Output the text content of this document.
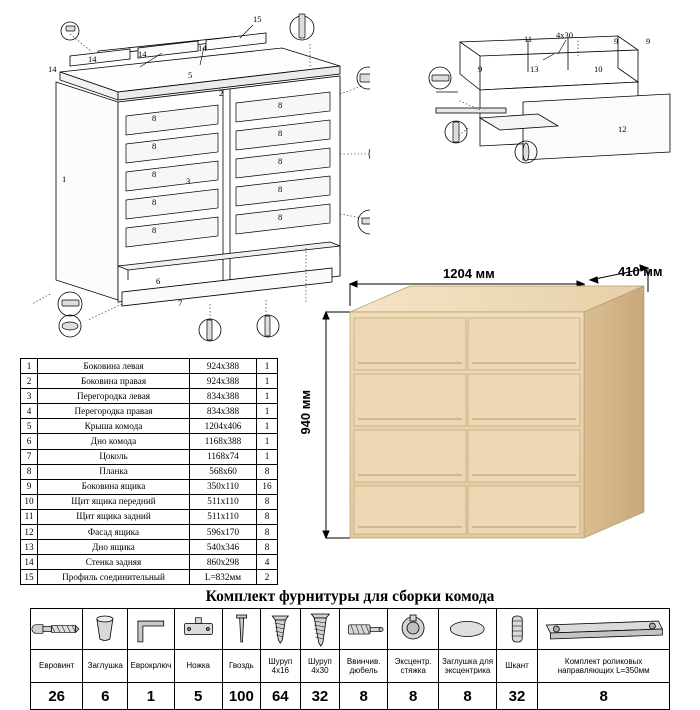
15
14
14	14
14
5
8
8
8
8
8
8
8
8
8
8
1	3
6
7
2
11	4х30
9	9
9	13	10
12
1	Боковина левая	924х388	1
2	Боковина правая	924х388	1
3	Перегородка левая	834х388	1
4	Перегородка правая	834х388	1
5	Крыша комода	1204х406	1
6	Дно комода	1168х388	1
7	Цоколь	1168х74	1
8	Планка	568х60	8
9	Боковина ящика	350х110	16
10	Щит ящика передний	511х110	8
11	Щит ящика задний	511х110	8
12	Фасад ящика	596х170	8
13	Дно ящика	540х346	8
14	Стенка задняя	860х298	4
15	Профиль соединительный	L=832мм	2
1204 мм	410 мм
940 мм
Комплект фурнитуры для сборки комода

Евровинт	Заглушка	Еврокрлюч	Ножка	Гвоздь	Шуруп 4х16	Шуруп 4х30	Ввинчив. дюбель	Эксцентр. стяжка	Заглушка для эксцентрика	Шкант	Комплект роликовых направляющих L=350мм
26	6	1	5	100	64	32	8	8	8	32	8
